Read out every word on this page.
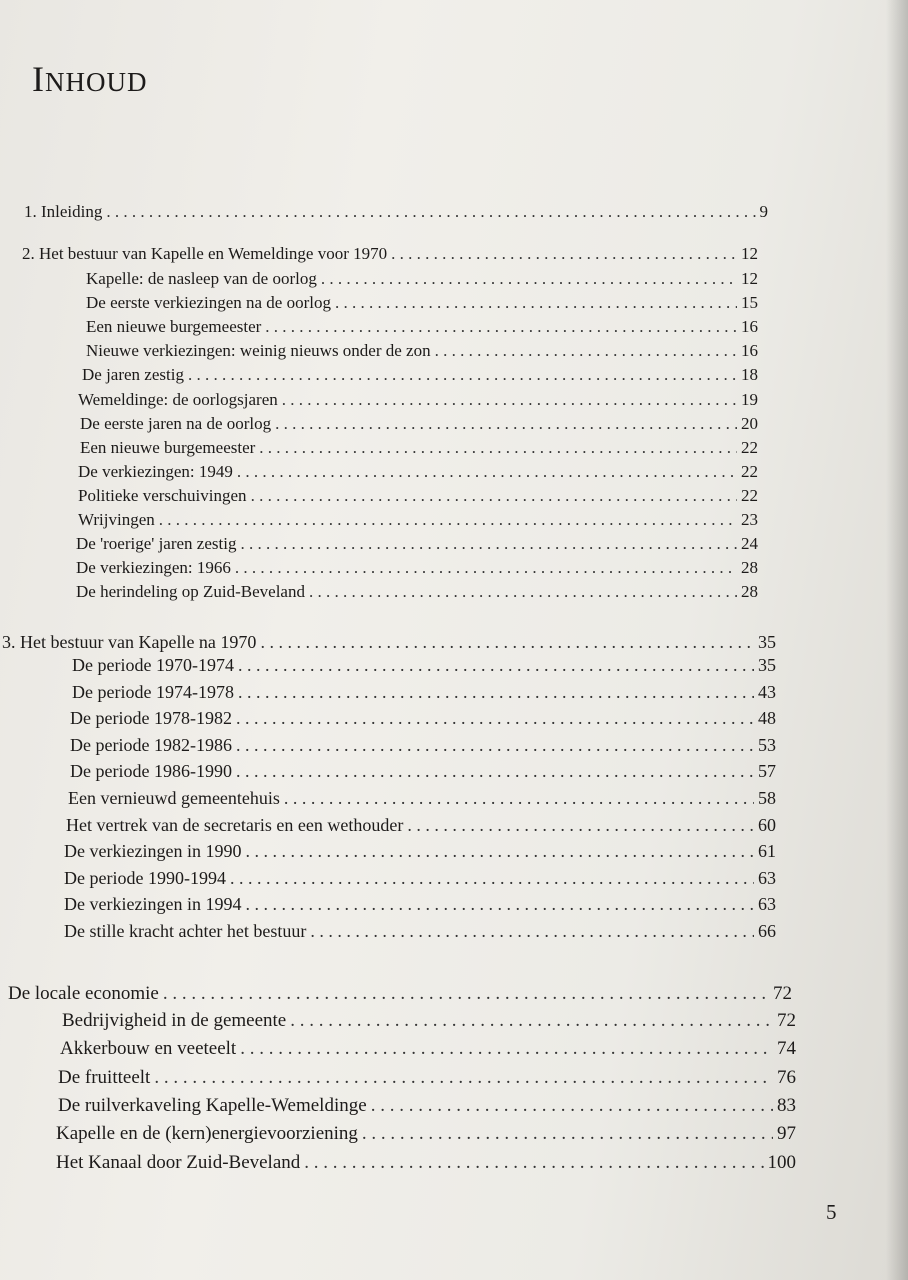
INHOUD
1. Inleiding . . .	9
2. Het bestuur van Kapelle en Wemeldinge voor 1970 . . .	12
Kapelle: de nasleep van de oorlog . . .	12
De eerste verkiezingen na de oorlog . . .	15
Een nieuwe burgemeester . . .	16
Nieuwe verkiezingen: weinig nieuws onder de zon . . .	16
De jaren zestig . . .	18
Wemeldinge: de oorlogsjaren . . .	19
De eerste jaren na de oorlog . . .	20
Een nieuwe burgemeester . . .	22
De verkiezingen: 1949 . . .	22
Politieke verschuivingen . . .	22
Wrijvingen . . .	23
De 'roerige' jaren zestig . . .	24
De verkiezingen: 1966 . . .	28
De herindeling op Zuid-Beveland . . .	28
3. Het bestuur van Kapelle na 1970 . . .	35
De periode 1970-1974 . . .	35
De periode 1974-1978 . . .	43
De periode 1978-1982 . . .	48
De periode 1982-1986 . . .	53
De periode 1986-1990 . . .	57
Een vernieuwd gemeentehuis . . .	58
Het vertrek van de secretaris en een wethouder . . .	60
De verkiezingen in 1990 . . .	61
De periode 1990-1994 . . .	63
De verkiezingen in 1994 . . .	63
De stille kracht achter het bestuur . . .	66
De locale economie . . .	72
Bedrijvigheid in de gemeente . . .	72
Akkerbouw en veeteelt . . .	74
De fruitteelt . . .	76
De ruilverkaveling Kapelle-Wemeldinge . . .	83
Kapelle en de (kern)energievoorziening . . .	97
Het Kanaal door Zuid-Beveland . . .	100
5
